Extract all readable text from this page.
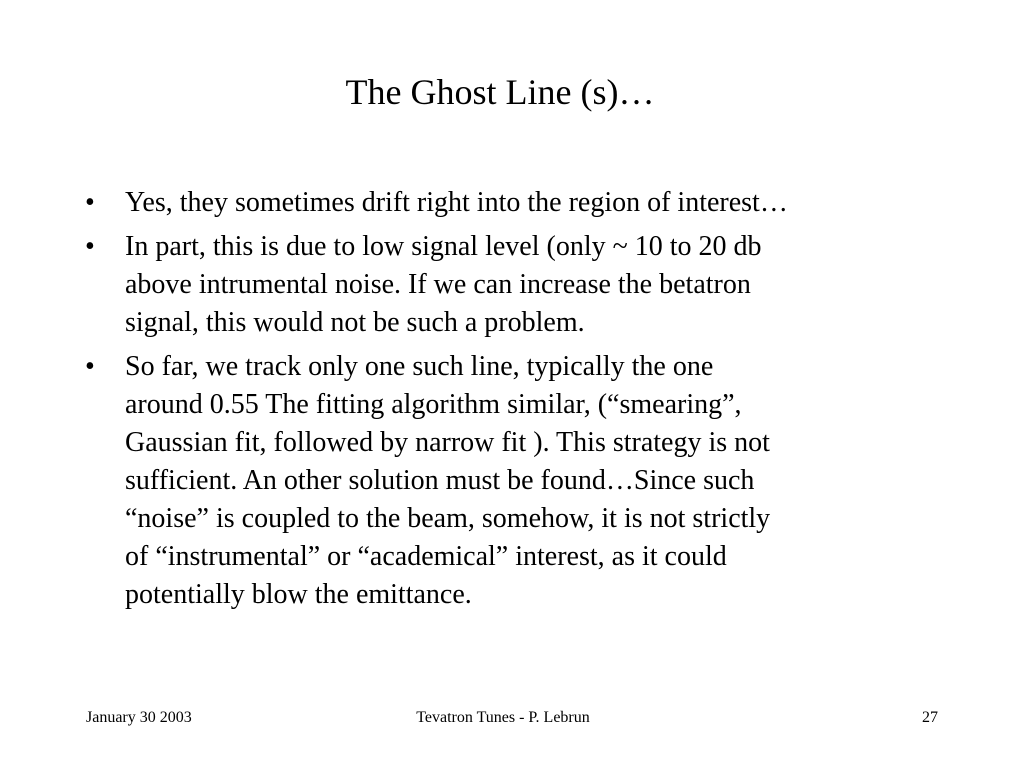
The Ghost Line (s)…
•	Yes, they sometimes drift right into the region of interest…
•	In part, this is due to low signal level (only ~ 10 to 20 db
above intrumental noise. If we can increase the betatron
signal, this would not be such a problem.
•	So far, we track only one such line, typically the one
around 0.55 The fitting algorithm similar, (“smearing”,
Gaussian fit, followed by narrow fit ). This strategy is not
sufficient. An other solution must be found…Since such
“noise” is coupled to the beam, somehow, it is not strictly
of “instrumental” or “academical” interest, as it could
potentially blow the emittance.
January 30 2003	Tevatron Tunes - P. Lebrun	27
